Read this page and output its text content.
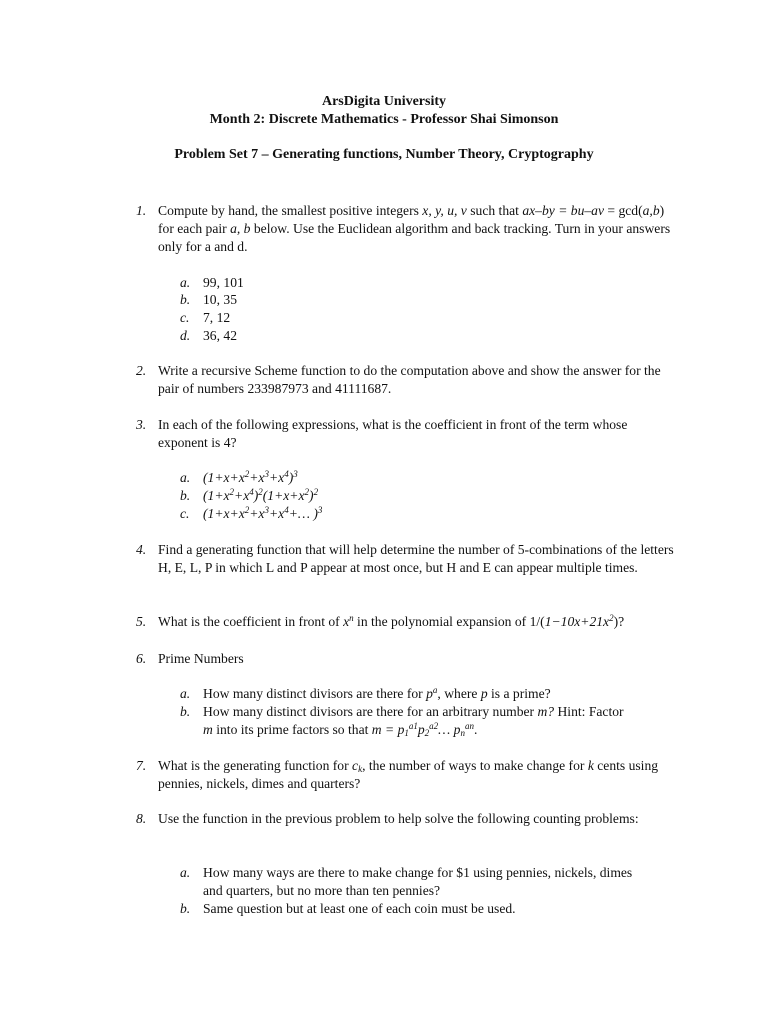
ArsDigita University
Month 2: Discrete Mathematics - Professor Shai Simonson
Problem Set 7 – Generating functions, Number Theory, Cryptography
1. Compute by hand, the smallest positive integers x, y, u, v such that ax–by = bu–av = gcd(a,b) for each pair a, b below. Use the Euclidean algorithm and back tracking. Turn in your answers only for a and d.
a. 99, 101
b. 10, 35
c. 7, 12
d. 36, 42
2. Write a recursive Scheme function to do the computation above and show the answer for the pair of numbers 233987973 and 41111687.
3. In each of the following expressions, what is the coefficient in front of the term whose exponent is 4?
a. $(1+x+x^2+x^3+x^4)^3$
b. $(1+x^2+x^4)^2(1+x+x^2)^2$
c. ($1+x+x^2+x^3+x^4+\dots$ )$^3$
4. Find a generating function that will help determine the number of 5-combinations of the letters H, E, L, P in which L and P appear at most once, but H and E can appear multiple times.
5. What is the coefficient in front of $x^n$ in the polynomial expansion of $1/(1-10x+21x^2)$?
6. Prime Numbers
a. How many distinct divisors are there for $p^a$, where p is a prime?
b. How many distinct divisors are there for an arbitrary number m? Hint: Factor
m into its prime factors so that $m = p_1^{a1}p_2^{a2}\dots$ $p_n^{an}$.
7. What is the generating function for $c_k$, the number of ways to make change for k cents using pennies, nickels, dimes and quarters?
8. Use the function in the previous problem to help solve the following counting problems:
a. How many ways are there to make change for $1 using pennies, nickels, dimes and quarters, but no more than ten pennies?
b. Same question but at least one of each coin must be used.
